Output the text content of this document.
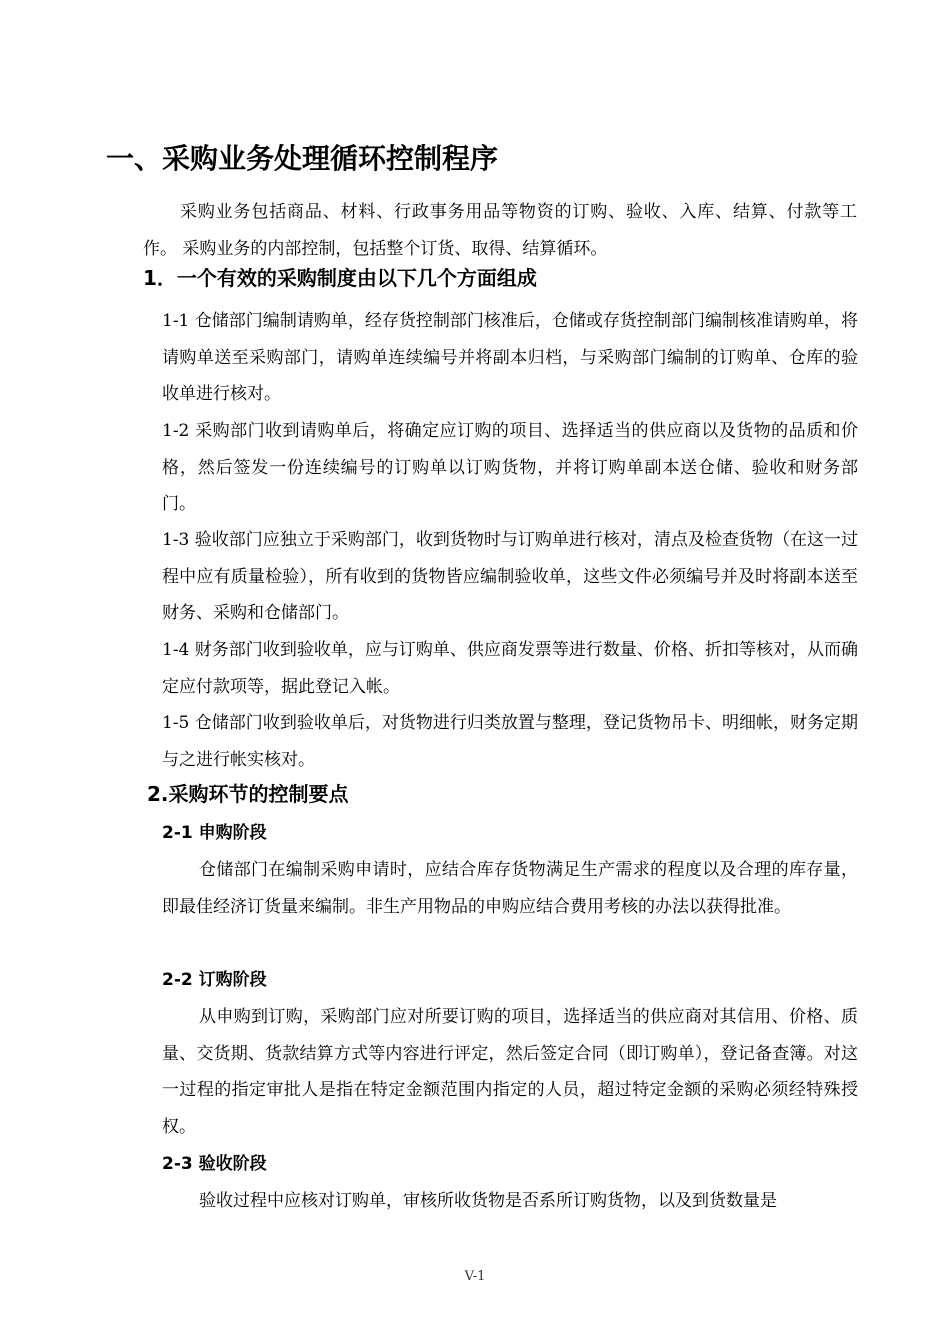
一、采购业务处理循环控制程序

采购业务包括商品、材料、行政事务用品等物资的订购、验收、入库、结算、付款等工作。 采购业务的内部控制，包括整个订货、取得、结算循环。

1．一个有效的采购制度由以下几个方面组成

1-1 仓储部门编制请购单，经存货控制部门核准后，仓储或存货控制部门编制核准请购单，将请购单送至采购部门，请购单连续编号并将副本归档，与采购部门编制的订购单、仓库的验收单进行核对。

1-2 采购部门收到请购单后，将确定应订购的项目、选择适当的供应商以及货物的品质和价格，然后签发一份连续编号的订购单以订购货物，并将订购单副本送仓储、验收和财务部门。

1-3 验收部门应独立于采购部门，收到货物时与订购单进行核对，清点及检查货物（在这一过程中应有质量检验），所有收到的货物皆应编制验收单，这些文件必须编号并及时将副本送至财务、采购和仓储部门。

1-4 财务部门收到验收单，应与订购单、供应商发票等进行数量、价格、折扣等核对，从而确定应付款项等，据此登记入帐。

1-5 仓储部门收到验收单后，对货物进行归类放置与整理，登记货物吊卡、明细帐，财务定期与之进行帐实核对。

2.采购环节的控制要点
2-1 申购阶段

仓储部门在编制采购申请时，应结合库存货物满足生产需求的程度以及合理的库存量，即最佳经济订货量来编制。非生产用物品的申购应结合费用考核的办法以获得批准。

2-2 订购阶段

从申购到订购，采购部门应对所要订购的项目，选择适当的供应商对其信用、价格、质量、交货期、货款结算方式等内容进行评定，然后签定合同（即订购单），登记备查簿。对这一过程的指定审批人是指在特定金额范围内指定的人员，超过特定金额的采购必须经特殊授权。

2-3 验收阶段

验收过程中应核对订购单，审核所收货物是否系所订购货物，以及到货数量是

V-1
